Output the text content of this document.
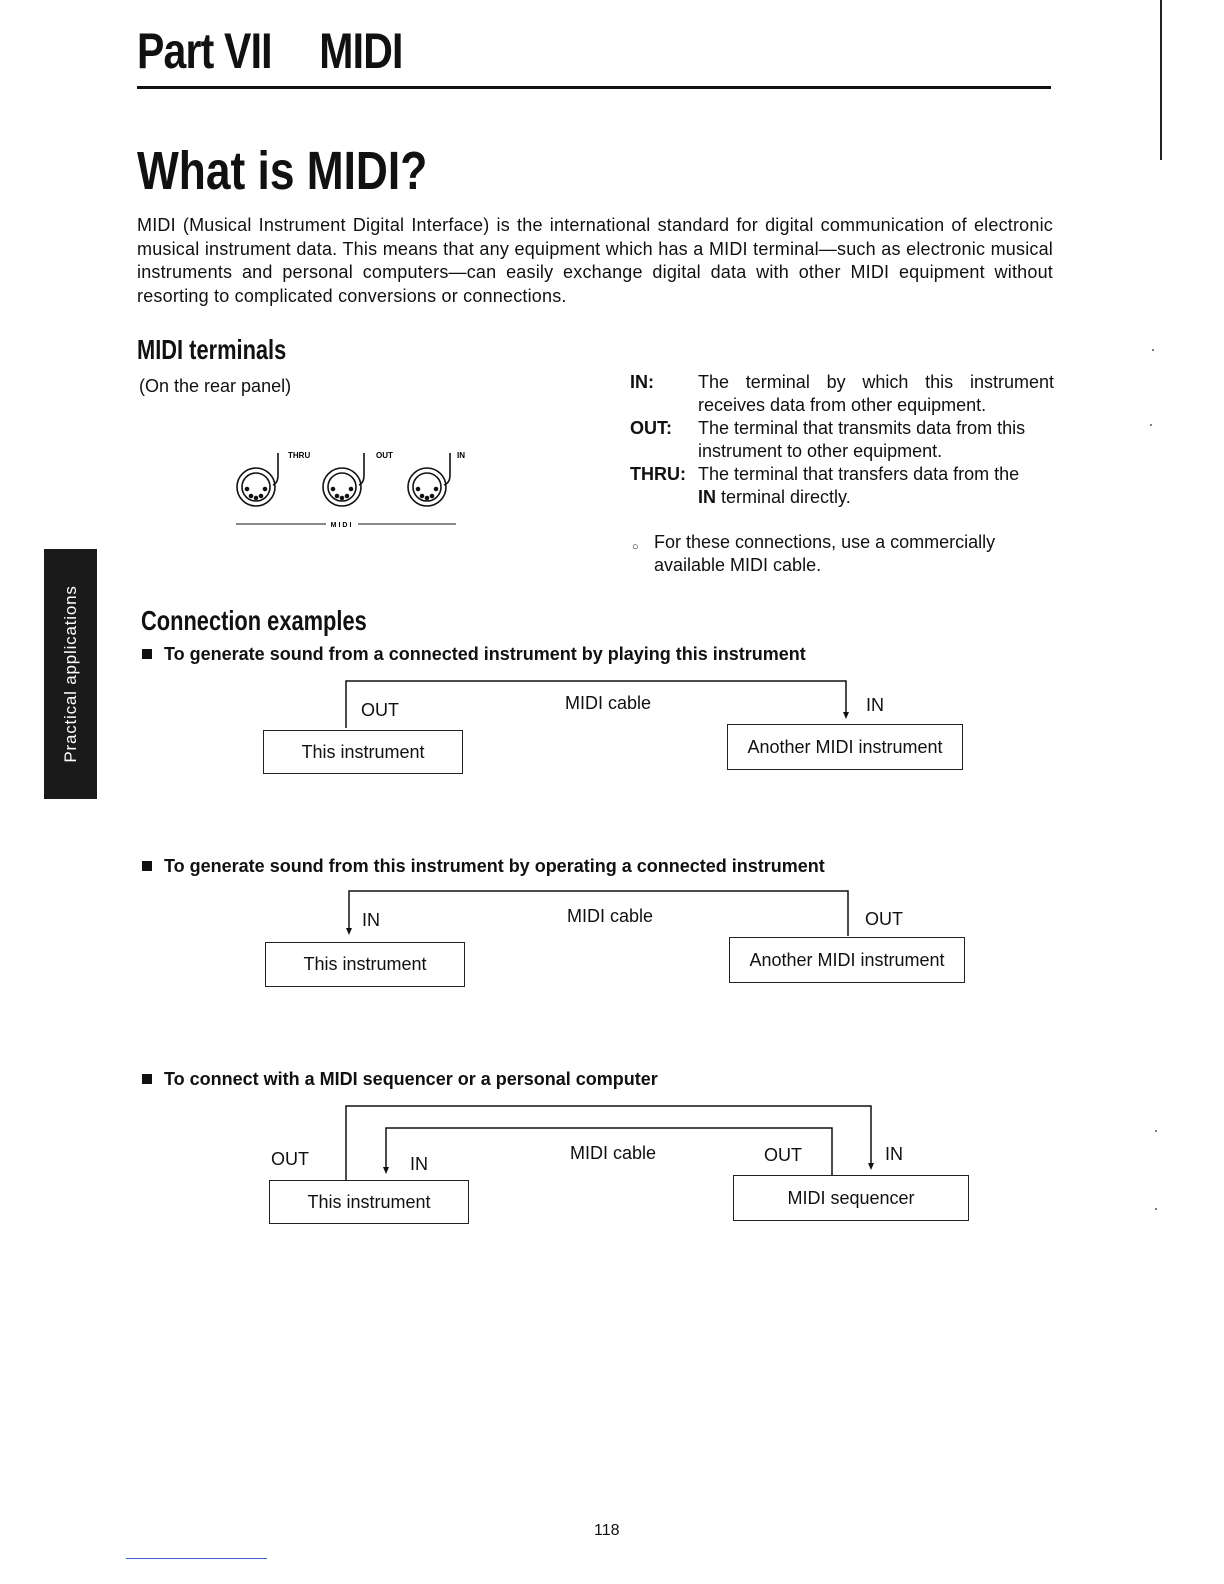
Part VII MIDI
What is MIDI?
MIDI (Musical Instrument Digital Interface) is the international standard for digital communication of electronic musical instrument data. This means that any equipment which has a MIDI terminal—such as electronic musical instruments and personal computers—can easily exchange digital data with other MIDI equipment without resorting to complicated conversions or connections.
MIDI terminals
(On the rear panel)
THRU	OUT	IN
MIDI
IN:	The terminal by which this instrument receives data from other equipment.
OUT:	The terminal that transmits data from this instrument to other equipment.
THRU: The terminal that transfers data from the
IN terminal directly.
○ For these connections, use a commercially available MIDI cable.
Practical applications Connection examples
To generate sound from a connected instrument by playing this instrument
OUT	MIDI cable	IN
This instrument	Another MIDI instrument
To generate sound from this instrument by operating a connected instrument
IN	MIDI cable	OUT
This instrument	Another MIDI instrument
To connect with a MIDI sequencer or a personal computer
OUT	IN
MIDI cable	OUT	IN
This instrument	MIDI sequencer
118
